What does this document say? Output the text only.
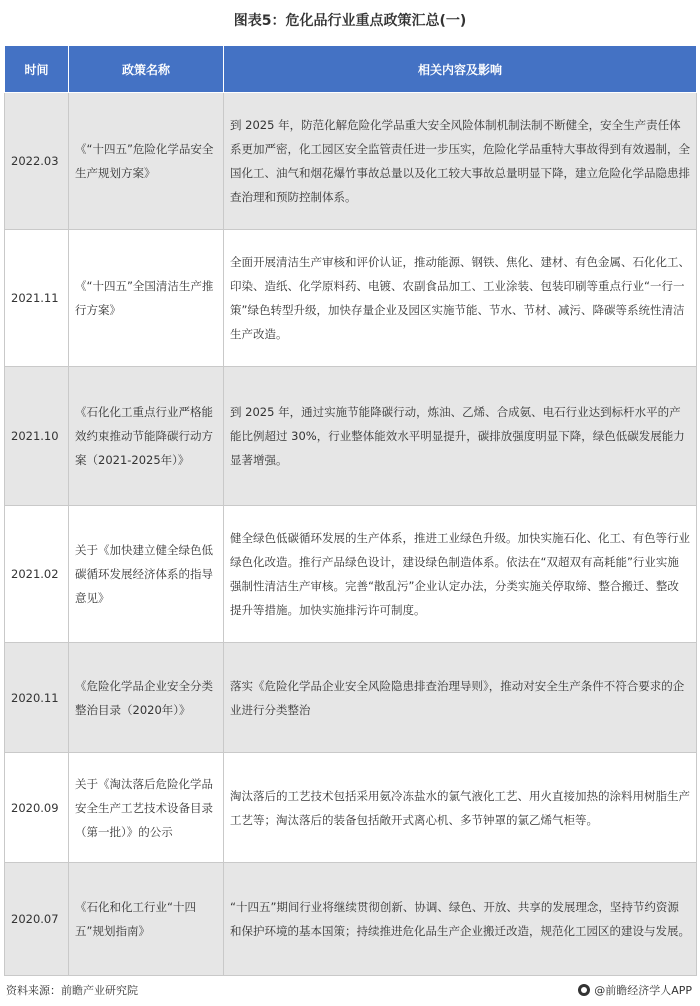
图表5：危化品行业重点政策汇总(一)
时间	政策名称	相关内容及影响
2022.03	《“十四五”危险化学品安全生产规划方案》	到 2025 年，防范化解危险化学品重大安全风险体制机制法制不断健全，安全生产责任体系更加严密，化工园区安全监管责任进一步压实，危险化学品重特大事故得到有效遏制，全国化工、油气和烟花爆竹事故总量以及化工较大事故总量明显下降，建立危险化学品隐患排查治理和预防控制体系。
2021.11	《“十四五”全国清洁生产推行方案》	全面开展清洁生产审核和评价认证，推动能源、钢铁、焦化、建材、有色金属、石化化工、印染、造纸、化学原料药、电镀、农副食品加工、工业涂装、包装印刷等重点行业“一行一策”绿色转型升级，加快存量企业及园区实施节能、节水、节材、减污、降碳等系统性清洁生产改造。
2021.10	《石化化工重点行业严格能效约束推动节能降碳行动方案（2021-2025年）》	到 2025 年，通过实施节能降碳行动，炼油、乙烯、合成氨、电石行业达到标杆水平的产能比例超过 30%，行业整体能效水平明显提升，碳排放强度明显下降，绿色低碳发展能力显著增强。
2021.02	关于《加快建立健全绿色低碳循环发展经济体系的指导意见》	健全绿色低碳循环发展的生产体系，推进工业绿色升级。加快实施石化、化工、有色等行业绿色化改造。推行产品绿色设计，建设绿色制造体系。依法在“双超双有高耗能”行业实施强制性清洁生产审核。完善“散乱污”企业认定办法，分类实施关停取缔、整合搬迁、整改提升等措施。加快实施排污许可制度。
2020.11	《危险化学品企业安全分类整治目录（2020年）》	落实《危险化学品企业安全风险隐患排查治理导则》，推动对安全生产条件不符合要求的企业进行分类整治
2020.09	关于《淘汰落后危险化学品安全生产工艺技术设备目录（第一批）》的公示	淘汰落后的工艺技术包括采用氨冷冻盐水的氯气液化工艺、用火直接加热的涂料用树脂生产工艺等；淘汰落后的装备包括敞开式离心机、多节钟罩的氯乙烯气柜等。
2020.07	《石化和化工行业“十四五”规划指南》	“十四五”期间行业将继续贯彻创新、协调、绿色、开放、共享的发展理念，坚持节约资源和保护环境的基本国策；持续推进危化品生产企业搬迁改造，规范化工园区的建设与发展。
资料来源：前瞻产业研究院	@前瞻经济学人APP
